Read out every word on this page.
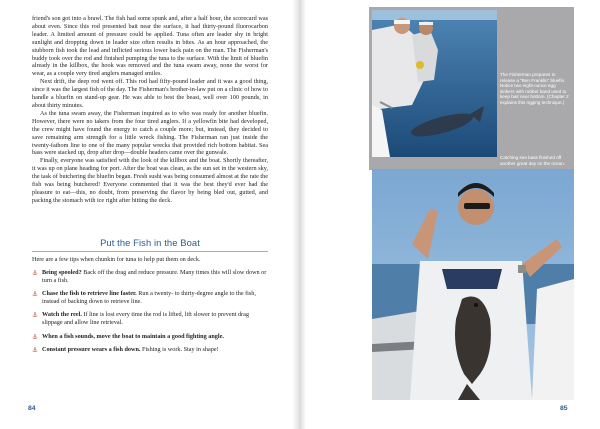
friend's son got into a brawl. The fish had some spunk and, after a half hour, the scorecard was about even. Since this rod presented bait near the surface, it had thirty-pound fluorocarbon leader. A limited amount of pressure could be applied. Tuna often are leader shy in bright sunlight and dropping down in leader size often results in bites. As an hour approached, the stubborn fish took the lead and inflicted serious lower back pain on the man. The Fisherman's buddy took over the rod and finished pumping the tuna to the surface. With the limit of bluefin already in the killbox, the hook was removed and the tuna swam away, none the worst for wear, as a couple very tired anglers managed smiles.

Next drift, the deep rod went off. This rod had fifty-pound leader and it was a good thing, since it was the largest fish of the day. The Fisherman's brother-in-law put on a clinic of how to handle a bluefin on stand-up gear. He was able to best the beast, well over 100 pounds, in about thirty minutes.

As the tuna swam away, the Fisherman inquired as to who was ready for another bluefin. However, there were no takers from the four tired anglers. If a yellowfin bite had developed, the crew might have found the energy to catch a couple more; but, instead, they decided to save remaining arm strength for a little wreck fishing. The Fisherman ran just inside the twenty-fathom line to one of the many popular wrecks that provided rich bottom habitat. Sea bass were stacked up, drop after drop—double headers came over the gunwale.

Finally, everyone was satisfied with the look of the killbox and the boat. Shortly thereafter, it was up on plane heading for port. After the boat was clean, as the sun set in the western sky, the task of butchering the bluefin began. Fresh sushi was being consumed almost at the rate the fish was being butchered! Everyone commented that it was the best they'd ever had the pleasure to eat—this, no doubt, from preserving the flavor by being bled out, gutted, and packing the stomach with ice right after hitting the deck.

Put the Fish in the Boat
Here are a few tips when chunkin for tuna to help put them on deck.
⚓ Being spooled? Back off the drag and reduce pressure. Many times this will slow down or turn a fish.
⚓ Chase the fish to retrieve line faster. Run a twenty- to thirty-degree angle to the fish, instead of backing down to retrieve line.
⚓ Watch the reel. If line is lost every time the rod is lifted, lift slower to prevent drag slippage and allow line retrieval.
⚓ When a fish sounds, move the boat to maintain a good fighting angle.
⚓ Constant pressure wears a fish down. Fishing is work. Stay in shape!
84
The Fisherman prepares to release a "Ben Franklin" bluefin. Notice two eight-ounce egg sinkers with rubber band used to keep bait near bottom. (Chapter 2 explains this rigging technique.)
Catching sea bass finished off another great day on the ocean.
85
